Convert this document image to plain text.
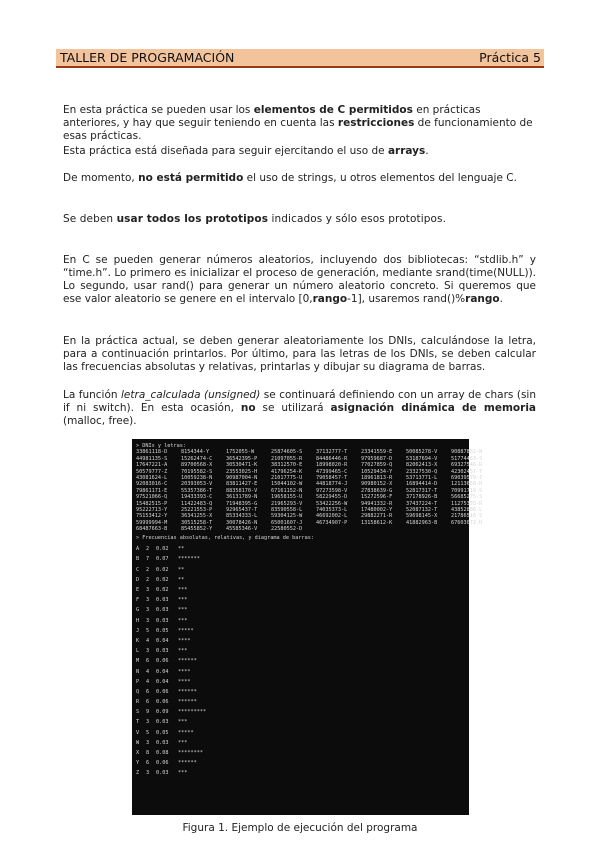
TALLER DE PROGRAMACIÓN	Práctica 5

En esta práctica se pueden usar los elementos de C permitidos en prácticas anteriores, y hay que seguir teniendo en cuenta las restricciones de funcionamiento de esas prácticas.

Esta práctica está diseñada para seguir ejercitando el uso de arrays.

De momento, no está permitido el uso de strings, u otros elementos del lenguaje C.

Se deben usar todos los prototipos indicados y sólo esos prototipos.

En C se pueden generar números aleatorios, incluyendo dos bibliotecas: “stdlib.h” y “time.h”. Lo primero es inicializar el proceso de generación, mediante srand(time(NULL)). Lo segundo, usar rand() para generar un número aleatorio concreto. Si queremos que ese valor aleatorio se genere en el intervalo [0,rango-1], usaremos rand()%rango.

En la práctica actual, se deben generar aleatoriamente los DNIs, calculándose la letra, para a continuación printarlos. Por último, para las letras de los DNIs, se deben calcular las frecuencias absolutas y relativas, printarlas y dibujar su diagrama de barras.

La función letra_calculada (unsigned) se continuará definiendo con un array de chars (sin if ni switch). En esta ocasión, no se utilizará asignación dinámica de memoria (malloc, free).

> DNIs y letras:
33861118-D	8154344-Y	1752055-W	25874605-S	37132777-T	23341559-E	50085278-V	90887862-N
44981135-S	15262474-C	36542395-P	21097055-R	84486446-R	97959687-D	53187694-V	51774463-S
17647221-A	89700568-X	30530471-K	38312570-E	18998020-R	77027859-Q	82062413-X	69327546-R
50579777-Z	70195582-S	23553025-H	41796254-K	47399465-C	10529434-Y	23327530-Q	42302457-T
43081624-L	10059238-N	90987004-N	21017775-U	79058457-T	18961813-R	53713771-L	69039579-Z
92083016-C	20393053-V	83811427-E	15044102-W	44818774-J	90980152-X	16894414-D	12113658-R
79861171-E	55357386-T	88358170-V	67161152-N	97273598-V	27838639-G	52817317-T	70991719-S
97521066-Q	19433393-C	36131789-N	19658155-U	58229455-D	15272596-F	37178926-B	56685275-S
15482515-P	11422483-Q	71948395-G	21965293-V	53422256-W	94941332-R	37437224-T	11275355-R
95222713-Y	25221553-P	92965437-T	83590558-L	74035373-L	17480002-Y	52087132-T	43852886-L
75153412-Y	36341255-X	85334333-L	59304125-W	46692002-L	29882271-R	59698145-X	21786516-S
59999994-M	30515258-T	30078426-N	65001607-J	46734907-P	13158612-K	41882963-B	67603072-D
68487663-B	85455852-Y	45585346-V	22580552-D
> Frecuencias absolutas, relativas, y diagrama de barras:
A	2	0.02	**
B	7	0.07	*******
C	2	0.02	**
D	2	0.02	**
E	3	0.02	***
F	3	0.03	***
G	3	0.03	***
H	3	0.03	***
J	5	0.05	*****
K	4	0.04	****
L	3	0.03	***
M	6	0.06	******
N	4	0.04	****
P	4	0.04	****
Q	6	0.06	******
R	6	0.06	******
S	9	0.09	*********
T	3	0.03	***
V	5	0.05	*****
W	3	0.03	***
X	8	0.08	********
Y	6	0.06	******
Z	3	0.03	***
Figura 1. Ejemplo de ejecución del programa
